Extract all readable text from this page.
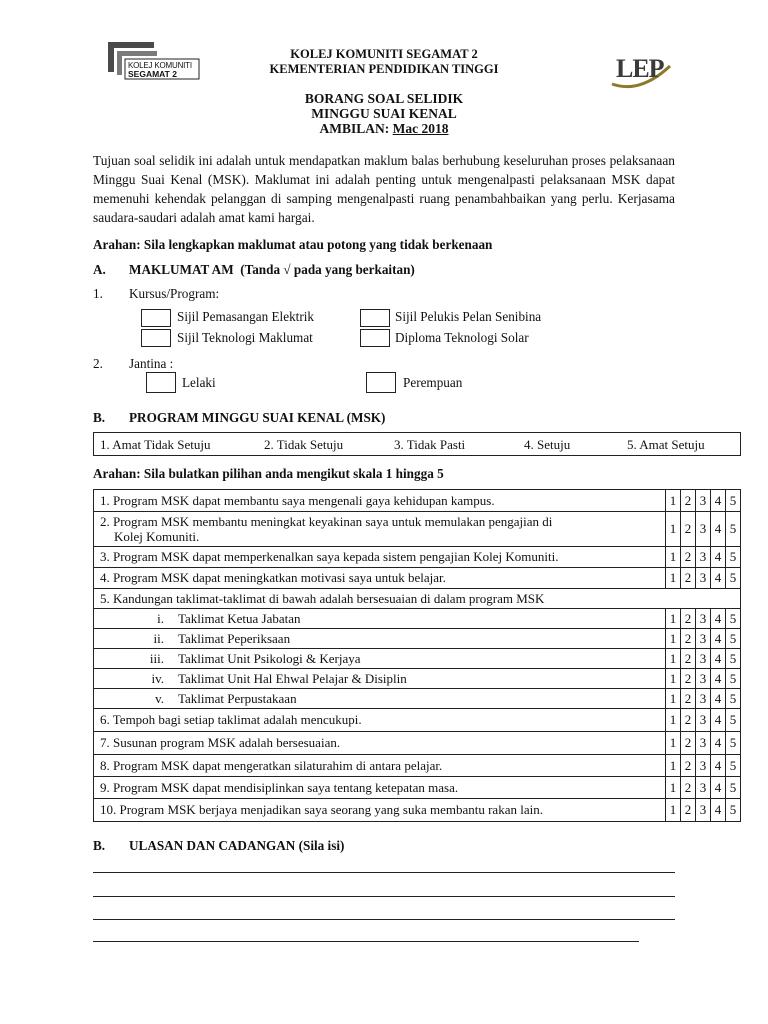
KOLEJ KOMUNITI
SEGAMAT 2	LEP
KOLEJ KOMUNITI SEGAMAT 2
KEMENTERIAN PENDIDIKAN TINGGI
BORANG SOAL SELIDIK
MINGGU SUAI KENAL
AMBILAN: Mac 2018
Tujuan soal selidik ini adalah untuk mendapatkan maklum balas berhubung keseluruhan proses pelaksanaan Minggu Suai Kenal (MSK). Maklumat ini adalah penting untuk mengenalpasti pelaksanaan MSK dapat memenuhi kehendak pelanggan di samping mengenalpasti ruang penambahbaikan yang perlu. Kerjasama saudara-saudari adalah amat kami hargai.
Arahan: Sila lengkapkan maklumat atau potong yang tidak berkenaan
A. MAKLUMAT AM (Tanda √ pada yang berkaitan)
1. Kursus/Program:
Sijil Pemasangan Elektrik	Sijil Pelukis Pelan Senibina
Sijil Teknologi Maklumat	Diploma Teknologi Solar
2. Jantina :
Lelaki	Perempuan
B. PROGRAM MINGGU SUAI KENAL (MSK)
1. Amat Tidak Setuju	2. Tidak Setuju	3. Tidak Pasti	4. Setuju	5. Amat Setuju
Arahan: Sila bulatkan pilihan anda mengikut skala 1 hingga 5
1. Program MSK dapat membantu saya mengenali gaya kehidupan kampus.	1	2	3	4	5

2. Program MSK membantu meningkat keyakinan saya untuk memulakan pengajian di
Kolej Komuniti.	1	2	3	4	5
3. Program MSK dapat memperkenalkan saya kepada sistem pengajian Kolej Komuniti.	1	2	3	4	5
4. Program MSK dapat meningkatkan motivasi saya untuk belajar.	1	2	3	4	5
5. Kandungan taklimat-taklimat di bawah adalah bersesuaian di dalam program MSK					
i. Taklimat Ketua Jabatan	1	2	3	4	5
ii. Taklimat Peperiksaan	1	2	3	4	5
iii. Taklimat Unit Psikologi & Kerjaya	1	2	3	4	5
iv. Taklimat Unit Hal Ehwal Pelajar & Disiplin	1	2	3	4	5
v. Taklimat Perpustakaan	1	2	3	4	5
6. Tempoh bagi setiap taklimat adalah mencukupi.	1	2	3	4	5
7. Susunan program MSK adalah bersesuaian.	1	2	3	4	5
8. Program MSK dapat mengeratkan silaturahim di antara pelajar.	1	2	3	4	5
9. Program MSK dapat mendisiplinkan saya tentang ketepatan masa.	1	2	3	4	5
10. Program MSK berjaya menjadikan saya seorang yang suka membantu rakan lain.	1	2	3	4	5
B. ULASAN DAN CADANGAN (Sila isi)
